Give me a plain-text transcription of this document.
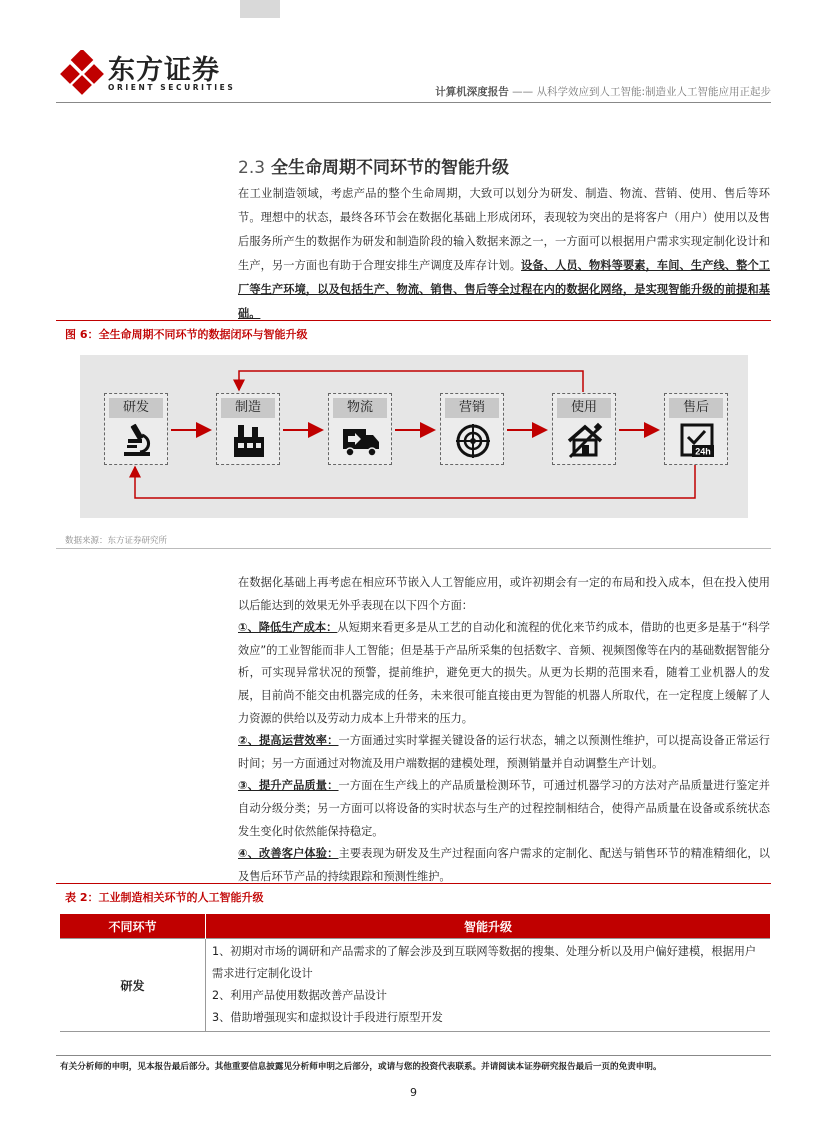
东方证券
ORIENT SECURITIES	计算机深度报告 —— 从科学效应到人工智能:制造业人工智能应用正起步
2.3 全生命周期不同环节的智能升级
在工业制造领域，考虑产品的整个生命周期，大致可以划分为研发、制造、物流、营销、使用、售后等环节。理想中的状态，最终各环节会在数据化基础上形成闭环，表现较为突出的是将客户（用户）使用以及售后服务所产生的数据作为研发和制造阶段的输入数据来源之一，一方面可以根据用户需求实现定制化设计和生产，另一方面也有助于合理安排生产调度及库存计划。设备、人员、物料等要素，车间、生产线、整个工厂等生产环境，以及包括生产、物流、销售、售后等全过程在内的数据化网络，是实现智能升级的前提和基础。
图 6：全生命周期不同环节的数据闭环与智能升级
研发	制造	物流	营销	使用	售后
24h
数据来源：东方证券研究所
在数据化基础上再考虑在相应环节嵌入人工智能应用，或许初期会有一定的布局和投入成本，但在投入使用以后能达到的效果无外乎表现在以下四个方面：
①、降低生产成本：从短期来看更多是从工艺的自动化和流程的优化来节约成本，借助的也更多是基于“科学效应”的工业智能而非人工智能；但是基于产品所采集的包括数字、音频、视频图像等在内的基础数据智能分析，可实现异常状况的预警，提前维护，避免更大的损失。从更为长期的范围来看，随着工业机器人的发展，目前尚不能交由机器完成的任务，未来很可能直接由更为智能的机器人所取代，在一定程度上缓解了人力资源的供给以及劳动力成本上升带来的压力。
②、提高运营效率：一方面通过实时掌握关键设备的运行状态，辅之以预测性维护，可以提高设备正常运行时间；另一方面通过对物流及用户端数据的建模处理，预测销量并自动调整生产计划。
③、提升产品质量：一方面在生产线上的产品质量检测环节，可通过机器学习的方法对产品质量进行鉴定并自动分级分类；另一方面可以将设备的实时状态与生产的过程控制相结合，使得产品质量在设备或系统状态发生变化时依然能保持稳定。
④、改善客户体验：主要表现为研发及生产过程面向客户需求的定制化、配送与销售环节的精准精细化，以及售后环节产品的持续跟踪和预测性维护。
表 2：工业制造相关环节的人工智能升级
不同环节	智能升级
研发	1、初期对市场的调研和产品需求的了解会涉及到互联网等数据的搜集、处理分析以及用户偏好建模，根据用户需求进行定制化设计
2、利用产品使用数据改善产品设计
3、借助增强现实和虚拟设计手段进行原型开发
有关分析师的申明，见本报告最后部分。其他重要信息披露见分析师申明之后部分，或请与您的投资代表联系。并请阅读本证券研究报告最后一页的免责申明。
9
